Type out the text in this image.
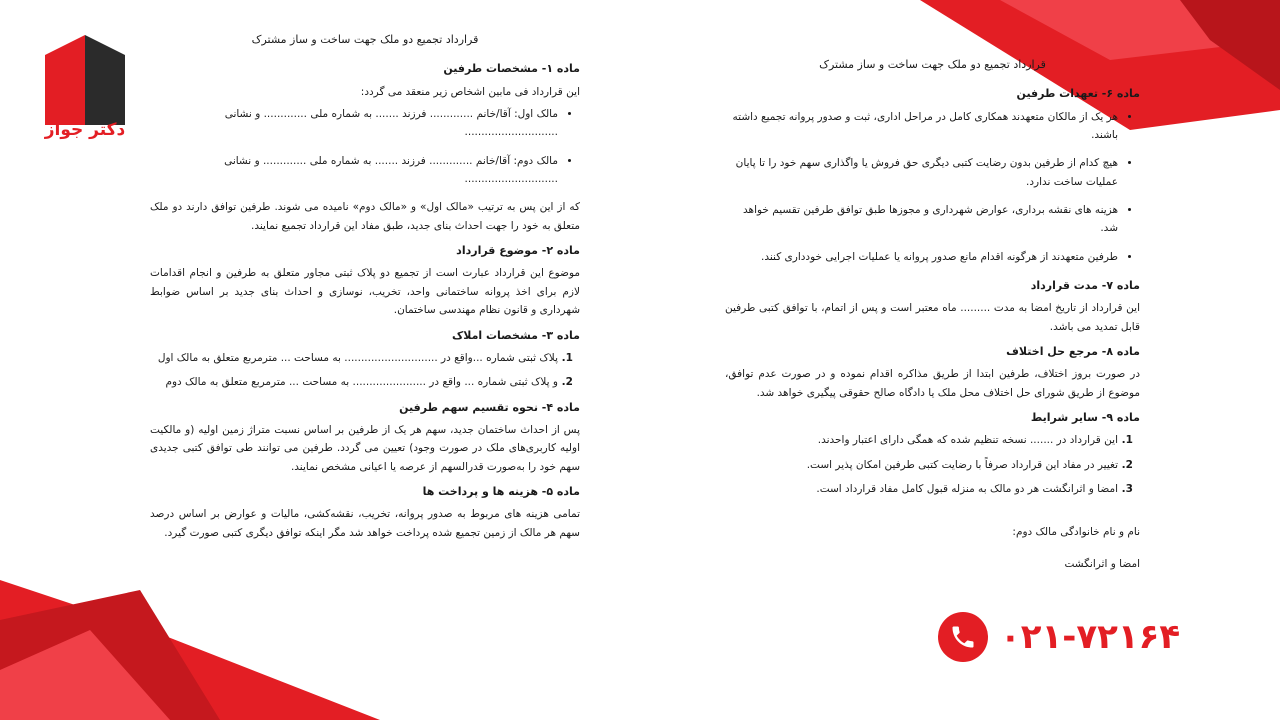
دکتر جواز
قرارداد تجمیع دو ملک جهت ساخت و ساز مشترک
ماده ۱- مشخصات طرفین
این قرارداد فی مابین اشخاص زیر منعقد می گردد:
• مالک اول: آقا/خانم ............. فرزند ....... به شماره ملی ............. و نشانی ............................
• مالک دوم: آقا/خانم ............. فرزند ....... به شماره ملی ............. و نشانی ............................
که از این پس به ترتیب «مالک اول» و «مالک دوم» نامیده می شوند. طرفین توافق دارند دو ملک متعلق به خود را جهت احداث بنای جدید، طبق مفاد این قرارداد تجمیع نمایند.
ماده ۲- موضوع قرارداد
موضوع این قرارداد عبارت است از تجمیع دو پلاک ثبتی مجاور متعلق به طرفین و انجام اقدامات لازم برای اخذ پروانه ساختمانی واحد، تخریب، نوسازی و احداث بنای جدید بر اساس ضوابط شهرداری و قانون نظام مهندسی ساختمان.
ماده ۳- مشخصات املاک
1. پلاک ثبتی شماره ...واقع در ............................ به مساحت ... مترمربع متعلق به مالک اول
2. و پلاک ثبتی شماره ... واقع در ...................... به مساحت ... مترمربع متعلق به مالک دوم
ماده ۴- نحوه تقسیم سهم طرفین
پس از احداث ساختمان جدید، سهم هر یک از طرفین بر اساس نسبت متراژ زمین اولیه (و مالکیت اولیه کاربری‌های ملک در صورت وجود) تعیین می گردد. طرفین می توانند طی توافق کتبی جدیدی سهم خود را به‌صورت قدرالسهم از عرصه یا اعیانی مشخص نمایند.
ماده ۵- هزینه ها و پرداخت ها
تمامی هزینه های مربوط به صدور پروانه، تخریب، نقشه‌کشی، مالیات و عوارض بر اساس درصد سهم هر مالک از زمین تجمیع شده پرداخت خواهد شد مگر اینکه توافق دیگری کتبی صورت گیرد.
قرارداد تجمیع دو ملک جهت ساخت و ساز مشترک
ماده ۶- تعهدات طرفین
• هر یک از مالکان متعهدند همکاری کامل در مراحل اداری، ثبت و صدور پروانه تجمیع داشته باشند.
• هیچ کدام از طرفین بدون رضایت کتبی دیگری حق فروش یا واگذاری سهم خود را تا پایان عملیات ساخت ندارد.
• هزینه های نقشه برداری، عوارض شهرداری و مجوزها طبق توافق طرفین تقسیم خواهد شد.
• طرفین متعهدند از هرگونه اقدام مانع صدور پروانه یا عملیات اجرایی خودداری کنند.
ماده ۷- مدت قرارداد
این قرارداد از تاریخ امضا به مدت ......... ماه معتبر است و پس از اتمام، با توافق کتبی طرفین قابل تمدید می باشد.
ماده ۸- مرجع حل اختلاف
در صورت بروز اختلاف، طرفین ابتدا از طریق مذاکره اقدام نموده و در صورت عدم توافق، موضوع از طریق شورای حل اختلاف محل ملک یا دادگاه صالح حقوقی پیگیری خواهد شد.
ماده ۹- سایر شرایط
1. این قرارداد در ....... نسخه تنظیم شده که همگی دارای اعتبار واحدند.
2. تغییر در مفاد این قرارداد صرفاً با رضایت کتبی طرفین امکان پذیر است.
3. امضا و اثرانگشت هر دو مالک به منزله قبول کامل مفاد قرارداد است.
نام و نام خانوادگی مالک دوم:
امضا و اثرانگشت
۰۲۱-۷۲۱۶۴
